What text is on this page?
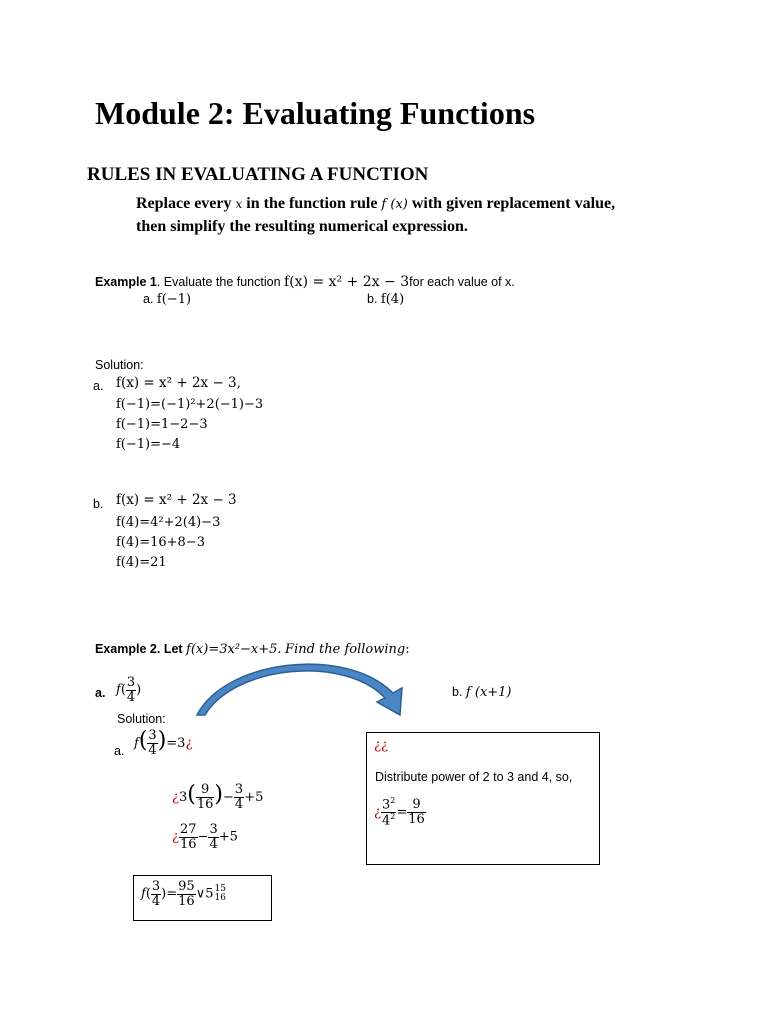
Module 2: Evaluating Functions
RULES IN EVALUATING A FUNCTION
Replace every x in the function rule f (x) with given replacement value,
then simplify the resulting numerical expression.
Example 1. Evaluate the function f(x) = x² + 2x − 3for each value of x.
a. f(−1)	b. f(4)
Solution:
a. f(x) = x² + 2x − 3,
f(−1)=(−1)²+2(−1)−3
f(−1)=1−2−3
f(−1)=−4
b. f(x) = x² + 2x − 3
f(4)=4²+2(4)−3
f(4)=16+8−3
f(4)=21
Example 2. Let f(x)=3x²−x+5. Find the following:
a. $f( \frac{3}{4}$ )	b. f (x+1)
Solution:
a. $f( \frac{3}{4}$ )=3¿
¿$3( \frac{9}{16}$ )− $\frac{3}{4} +5$
¿ $\frac{27}{16} - \frac{3}{4} +5$
$f( \frac{3}{4}$ )= $\frac{95}{16}$ ∨5 15
16
¿¿
Distribute power of 2 to 3 and 4, so,
¿ $\frac{3^2}{4^2} = \frac{9}{16}$
